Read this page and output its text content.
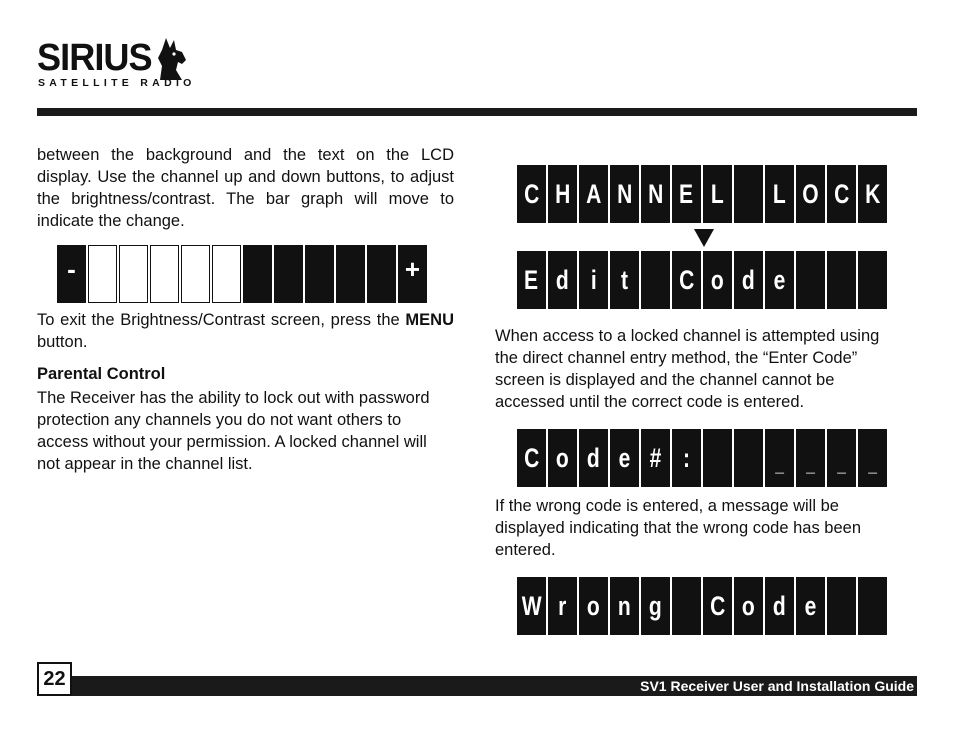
SIRIUS
SATELLITE RADIO
between the background and the text on the LCD display. Use the channel up and down buttons, to adjust the brightness/contrast. The bar graph will move to indicate the change.
-	+
To exit the Brightness/Contrast screen, press the MENU button.
Parental Control
The Receiver has the ability to lock out with password protection any channels you do not want others to access without your permission. A locked channel will not appear in the channel list.
C H A N N E L L O C K
E d i t C o d e
When access to a locked channel is attempted using the direct channel entry method, the “Enter Code” screen is displayed and the channel cannot be accessed until the correct code is entered.
C o d e # :	_ _ _ _
If the wrong code is entered, a message will be displayed indicating that the wrong code has been entered.
W r o n g C o d e
22	SV1 Receiver User and Installation Guide
